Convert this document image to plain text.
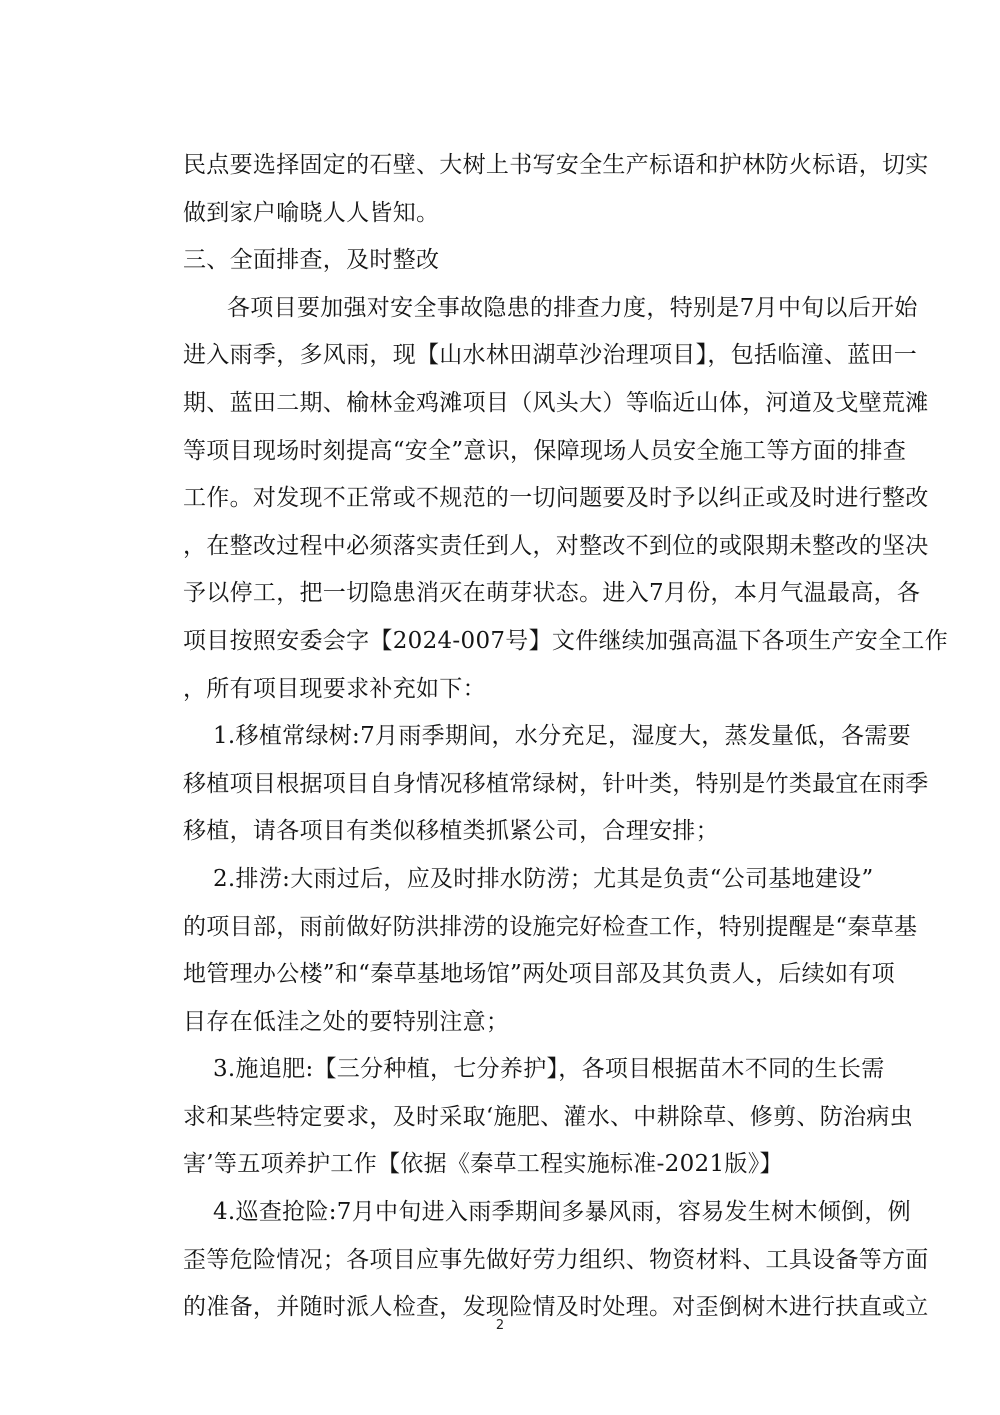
民点要选择固定的石壁、大树上书写安全生产标语和护林防火标语，切实
做到家户喻晓人人皆知。
三、全面排查，及时整改
各项目要加强对安全事故隐患的排查力度，特别是7月中旬以后开始
进入雨季，多风雨，现【山水林田湖草沙治理项目】，包括临潼、蓝田一
期、蓝田二期、榆林金鸡滩项目（风头大）等临近山体，河道及戈壁荒滩
等项目现场时刻提高“安全”意识，保障现场人员安全施工等方面的排查
工作。对发现不正常或不规范的一切问题要及时予以纠正或及时进行整改
，在整改过程中必须落实责任到人，对整改不到位的或限期未整改的坚决
予以停工，把一切隐患消灭在萌芽状态。进入7月份，本月气温最高，各
项目按照安委会字【2024-007号】文件继续加强高温下各项生产安全工作
，所有项目现要求补充如下：
1.移植常绿树:7月雨季期间，水分充足，湿度大，蒸发量低，各需要
移植项目根据项目自身情况移植常绿树，针叶类，特别是竹类最宜在雨季
移植，请各项目有类似移植类抓紧公司，合理安排；
2.排涝:大雨过后，应及时排水防涝；尤其是负责“公司基地建设”
的项目部，雨前做好防洪排涝的设施完好检查工作，特别提醒是“秦草基
地管理办公楼”和“秦草基地场馆”两处项目部及其负责人，后续如有项
目存在低洼之处的要特别注意；
3.施追肥:【三分种植，七分养护】，各项目根据苗木不同的生长需
求和某些特定要求，及时采取‘施肥、灌水、中耕除草、修剪、防治病虫
害’等五项养护工作【依据《秦草工程实施标准-2021版》】
4.巡查抢险:7月中旬进入雨季期间多暴风雨，容易发生树木倾倒，例
歪等危险情况；各项目应事先做好劳力组织、物资材料、工具设备等方面
的准备，并随时派人检查，发现险情及时处理。对歪倒树木进行扶直或立
2
